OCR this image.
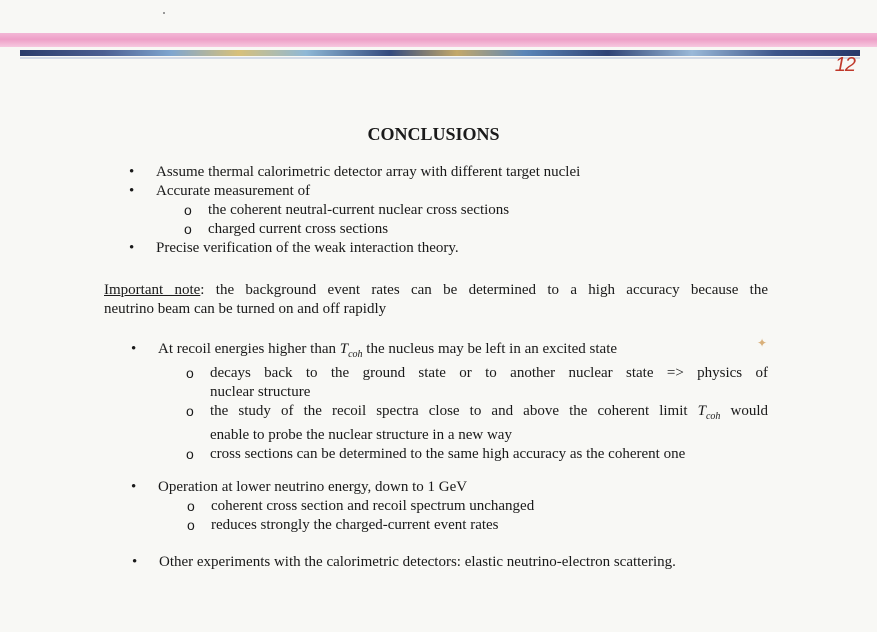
12
CONCLUSIONS
• Assume thermal calorimetric detector array with different target nuclei
• Accurate measurement of
o the coherent neutral-current nuclear cross sections
o charged current cross sections
• Precise verification of the weak interaction theory.
Important note: the background event rates can be determined to a high accuracy because the
neutrino beam can be turned on and off rapidly
• At recoil energies higher than $T_{coh}$ the nucleus may be left in an excited state
o decays back to the ground state or to another nuclear state => physics of
nuclear structure
o the study of the recoil spectra close to and above the coherent limit $T_{coh}$ would
enable to probe the nuclear structure in a new way
o cross sections can be determined to the same high accuracy as the coherent one
✦
• Operation at lower neutrino energy, down to 1 GeV
o coherent cross section and recoil spectrum unchanged
o reduces strongly the charged-current event rates
• Other experiments with the calorimetric detectors: elastic neutrino-electron scattering.
